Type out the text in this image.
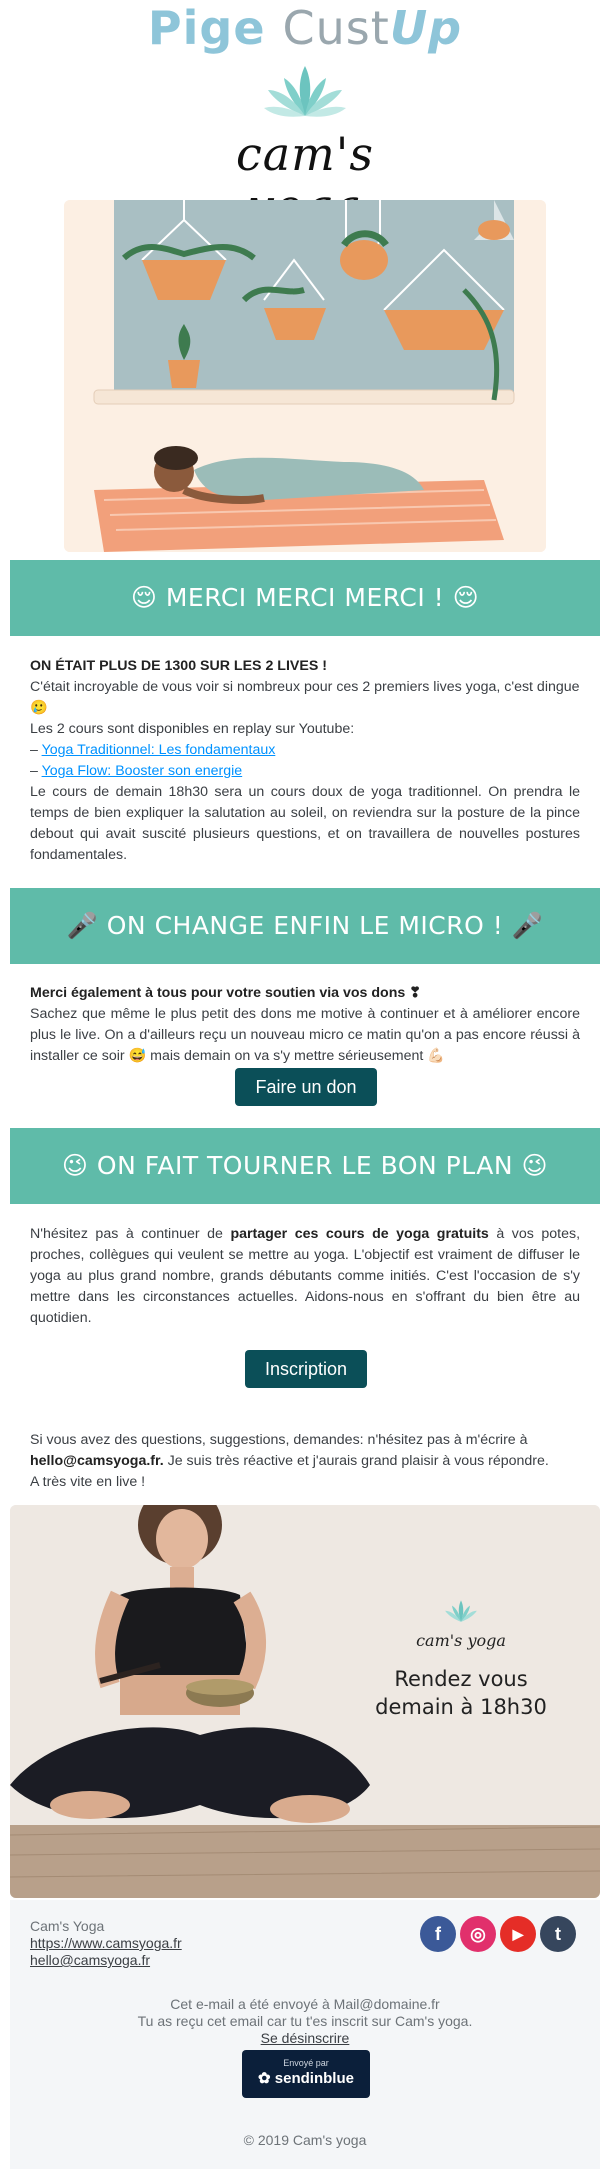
Pige CustUp
cam's
😌 MERCI MERCI MERCI ! 😌
ON ÉTAIT PLUS DE 1300 SUR LES 2 LIVES !
C'était incroyable de vous voir si nombreux pour ces 2 premiers lives yoga, c'est dingue 🥲
Les 2 cours sont disponibles en replay sur Youtube:
– Yoga Traditionnel: Les fondamentaux
– Yoga Flow: Booster son energie
Le cours de demain 18h30 sera un cours doux de yoga traditionnel. On prendra le temps de bien expliquer la salutation au soleil, on reviendra sur la posture de la pince debout qui avait suscité plusieurs questions, et on travaillera de nouvelles postures fondamentales.
🎤 ON CHANGE ENFIN LE MICRO ! 🎤
Merci également à tous pour votre soutien via vos dons ❣
Sachez que même le plus petit des dons me motive à continuer et à améliorer encore plus le live. On a d'ailleurs reçu un nouveau micro ce matin qu'on a pas encore réussi à installer ce soir 😅 mais demain on va s'y mettre sérieusement 💪🏻
Faire un don
😉 ON FAIT TOURNER LE BON PLAN 😉
N'hésitez pas à continuer de partager ces cours de yoga gratuits à vos potes, proches, collègues qui veulent se mettre au yoga. L'objectif est vraiment de diffuser le yoga au plus grand nombre, grands débutants comme initiés. C'est l'occasion de s'y mettre dans les circonstances actuelles. Aidons-nous en s'offrant du bien être au quotidien.
Inscription
Si vous avez des questions, suggestions, demandes: n'hésitez pas à m'écrire à
hello@camsyoga.fr. Je suis très réactive et j'aurais grand plaisir à vous répondre.
A très vite en live !
cam's yoga
Rendez vous
demain à 18h30
Cam's Yoga
https://www.camsyoga.fr
hello@camsyoga.fr
f	◎	▶	t
Cet e-mail a été envoyé à Mail@domaine.fr
Tu as reçu cet email car tu t'es inscrit sur Cam's yoga.
Se désinscrire
Envoyé par
✿ sendinblue
© 2019 Cam's yoga
